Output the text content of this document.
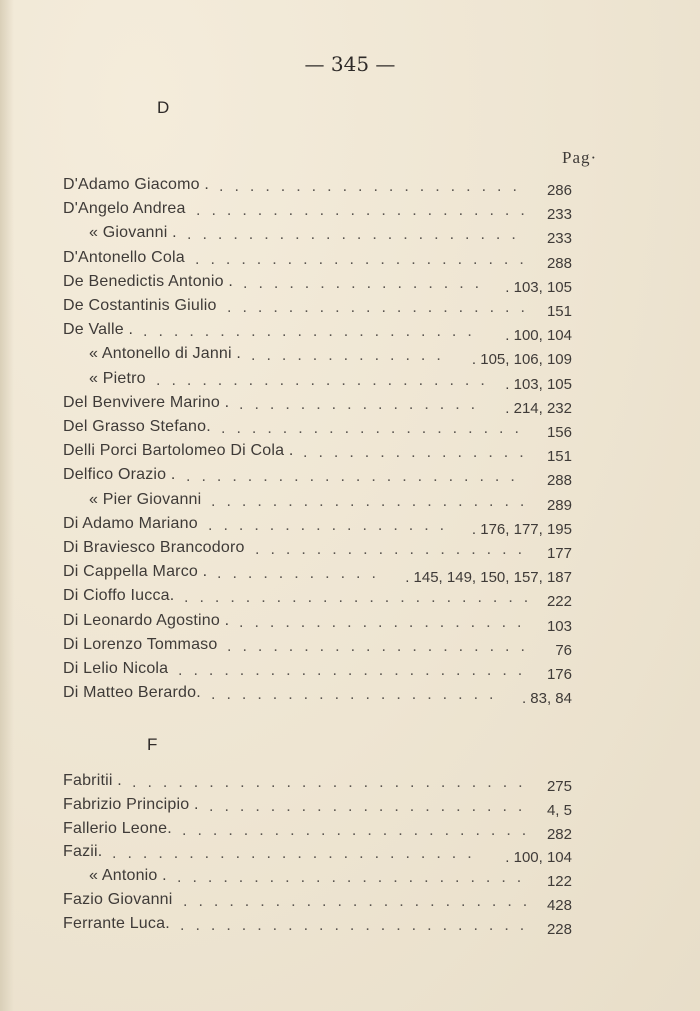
— 345 —
D
Pag·
D'Adamo Giacomo . .................... 286
D'Angelo Andrea ...................... 233
« Giovanni . ...................... 233
D'Antonello Cola ...................... 288
De Benedictis Antonio . ................ . 103, 105
De Costantinis Giulio .................... 151
De Valle . ...................... . 100, 104
« Antonello di Janni . ............. . 105, 106, 109
« Pietro ...................... . 103, 105
Del Benvivere Marino . ................ . 214, 232
Del Grasso Stefano. .................... 156
Delli Porci Bartolomeo Di Cola . ............... 151
Delfico Orazio . ...................... 288
« Pier Giovanni ..................... 289
Di Adamo Mariano ................ . 176, 177, 195
Di Braviesco Brancodoro .................. 177
Di Cappella Marco . ........... . 145, 149, 150, 157, 187
Di Cioffo Iucca. ....................... 222
Di Leonardo Agostino . ................... 103
Di Lorenzo Tommaso .................... 76
Di Lelio Nicola ....................... 176
Di Matteo Berardo. ................... . 83, 84
F
Fabritii . .......................... 275
Fabrizio Principio . ..................... 4, 5
Fallerio Leone. ....................... 282
Fazii. ........................ . 100, 104
« Antonio . ....................... 122
Fazio Giovanni ....................... 428
Ferrante Luca. ....................... 228
